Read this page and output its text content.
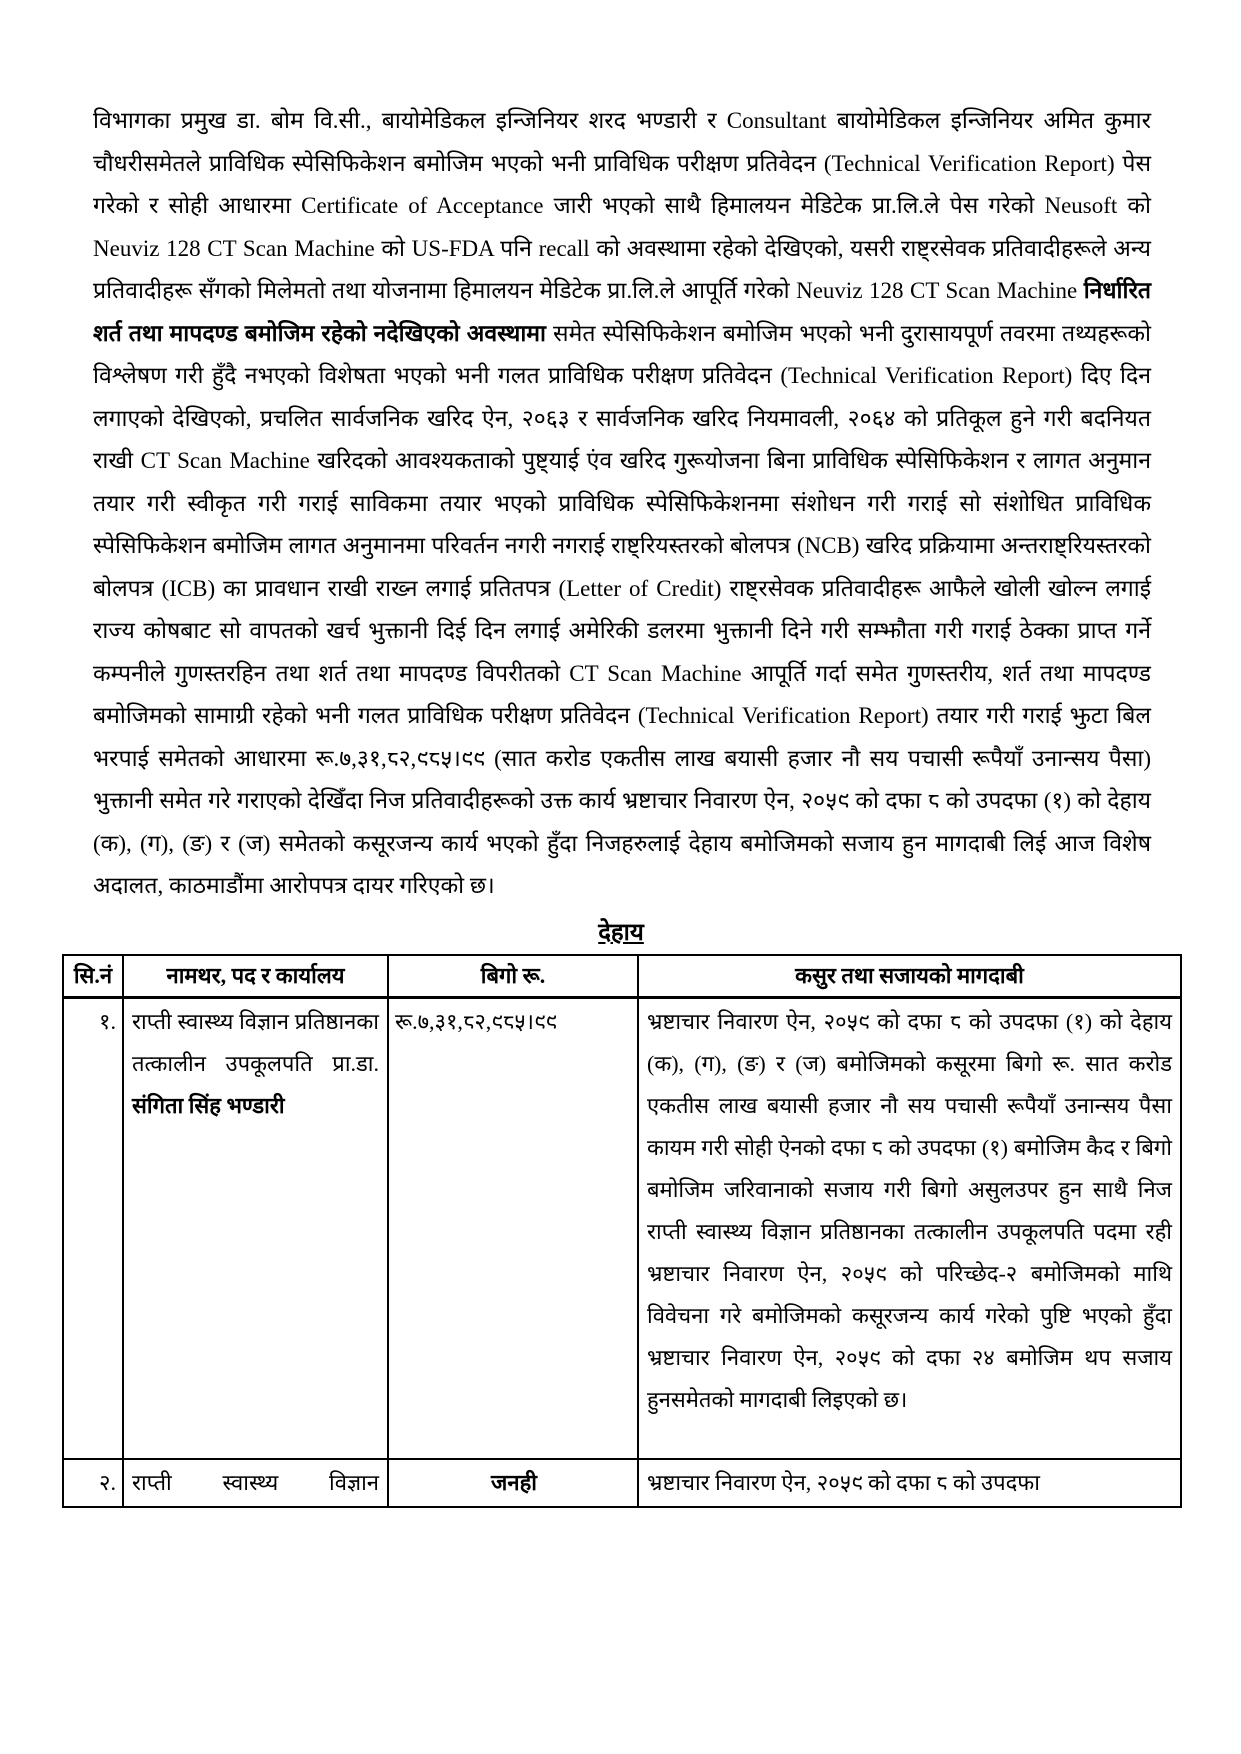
विभागका प्रमुख डा. बोम वि.सी., बायोमेडिकल इन्जिनियर शरद भण्डारी र Consultant बायोमेडिकल इन्जिनियर अमित कुमार चौधरीसमेतले प्राविधिक स्पेसिफिकेशन बमोजिम भएको भनी प्राविधिक परीक्षण प्रतिवेदन (Technical Verification Report) पेस गरेको र सोही आधारमा Certificate of Acceptance जारी भएको साथै हिमालयन मेडिटेक प्रा.लि.ले पेस गरेको Neusoft को Neuviz 128 CT Scan Machine को US-FDA पनि recall को अवस्थामा रहेको देखिएको, यसरी राष्ट्रसेवक प्रतिवादीहरूले अन्य प्रतिवादीहरू सँगको मिलेमतो तथा योजनामा हिमालयन मेडिटेक प्रा.लि.ले आपूर्ति गरेको Neuviz 128 CT Scan Machine निर्धारित शर्त तथा मापदण्ड बमोजिम रहेको नदेखिएको अवस्थामा समेत स्पेसिफिकेशन बमोजिम भएको भनी दुरासायपूर्ण तवरमा तथ्यहरूको विश्लेषण गरी हुँदै नभएको विशेषता भएको भनी गलत प्राविधिक परीक्षण प्रतिवेदन (Technical Verification Report) दिए दिन लगाएको देखिएको, प्रचलित सार्वजनिक खरिद ऐन, २०६३ र सार्वजनिक खरिद नियमावली, २०६४ को प्रतिकूल हुने गरी बदनियत राखी CT Scan Machine खरिदको आवश्यकताको पुष्ट्याई एंव खरिद गुरूयोजना बिना प्राविधिक स्पेसिफिकेशन र लागत अनुमान तयार गरी स्वीकृत गरी गराई साविकमा तयार भएको प्राविधिक स्पेसिफिकेशनमा संशोधन गरी गराई सो संशोधित प्राविधिक स्पेसिफिकेशन बमोजिम लागत अनुमानमा परिवर्तन नगरी नगराई राष्ट्रियस्तरको बोलपत्र (NCB) खरिद प्रक्रियामा अन्तराष्ट्रियस्तरको बोलपत्र (ICB) का प्रावधान राखी राख्न लगाई प्रतितपत्र (Letter of Credit) राष्ट्रसेवक प्रतिवादीहरू आफैले खोली खोल्न लगाई राज्य कोषबाट सो वापतको खर्च भुक्तानी दिई दिन लगाई अमेरिकी डलरमा भुक्तानी दिने गरी सम्झौता गरी गराई ठेक्का प्राप्त गर्ने कम्पनीले गुणस्तरहिन तथा शर्त तथा मापदण्ड विपरीतको CT Scan Machine आपूर्ति गर्दा समेत गुणस्तरीय, शर्त तथा मापदण्ड बमोजिमको सामाग्री रहेको भनी गलत प्राविधिक परीक्षण प्रतिवेदन (Technical Verification Report) तयार गरी गराई झुटा बिल भरपाई समेतको आधारमा रू.७,३१,८२,९८५।९९ (सात करोड एकतीस लाख बयासी हजार नौ सय पचासी रूपैयाँ उनान्सय पैसा) भुक्तानी समेत गरे गराएको देखिँदा निज प्रतिवादीहरूको उक्त कार्य भ्रष्टाचार निवारण ऐन, २०५९ को दफा ८ को उपदफा (१) को देहाय (क), (ग), (ङ) र (ज) समेतको कसूरजन्य कार्य भएको हुँदा निजहरुलाई देहाय बमोजिमको सजाय हुन मागदाबी लिई आज विशेष अदालत, काठमाडौंमा आरोपपत्र दायर गरिएको छ।

देहाय
सि.नं	नामथर, पद र कार्यालय	बिगो रू.	कसुर तथा सजायको मागदाबी
१.	राप्ती स्वास्थ्य विज्ञान प्रतिष्ठानका तत्कालीन उपकूलपति प्रा.डा. संगिता सिंह भण्डारी	रू.७,३१,८२,९८५।९९	भ्रष्टाचार निवारण ऐन, २०५९ को दफा ८ को उपदफा (१) को देहाय (क), (ग), (ङ) र (ज) बमोजिमको कसूरमा बिगो रू. सात करोड एकतीस लाख बयासी हजार नौ सय पचासी रूपैयाँ उनान्सय पैसा कायम गरी सोही ऐनको दफा ८ को उपदफा (१) बमोजिम कैद र बिगो बमोजिम जरिवानाको सजाय गरी बिगो असुलउपर हुन साथै निज राप्ती स्वास्थ्य विज्ञान प्रतिष्ठानका तत्कालीन उपकूलपति पदमा रही भ्रष्टाचार निवारण ऐन, २०५९ को परिच्छेद-२ बमोजिमको माथि विवेचना गरे बमोजिमको कसूरजन्य कार्य गरेको पुष्टि भएको हुँदा भ्रष्टाचार निवारण ऐन, २०५९ को दफा २४ बमोजिम थप सजाय हुनसमेतको मागदाबी लिइएको छ।
२.	राप्ती स्वास्थ्य विज्ञान	जनही	भ्रष्टाचार निवारण ऐन, २०५९ को दफा ८ को उपदफा
